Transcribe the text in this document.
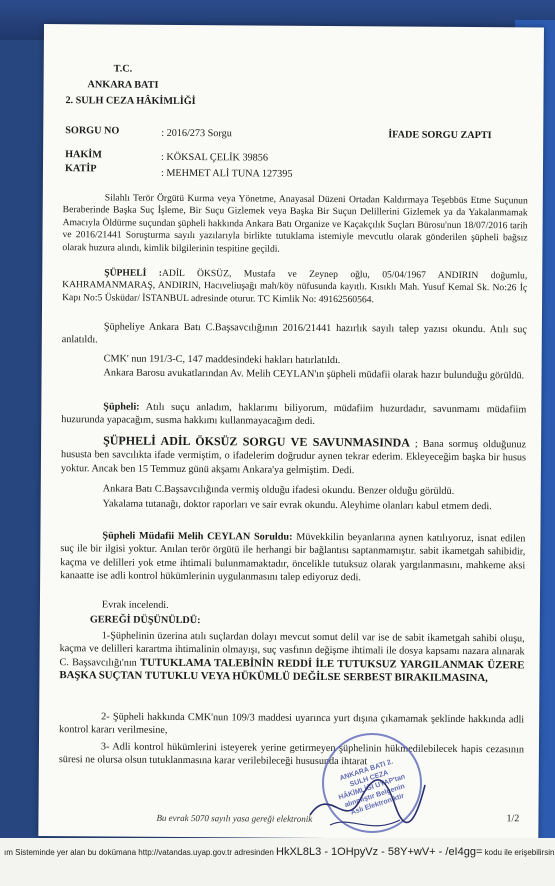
T.C.
ANKARA BATI
2. SULH CEZA HÂKİMLİĞİ
SORGU NO	: 2016/273 Sorgu	İFADE SORGU ZAPTI
HAKİM	: KÖKSAL ÇELİK 39856
KATİP	: MEHMET ALİ TUNA 127395
Silahlı Terör Örgütü Kurma veya Yönetme, Anayasal Düzeni Ortadan Kaldırmaya Teşebbüs Etme Suçunun Beraberinde Başka Suç İşleme, Bir Suçu Gizlemek veya Başka Bir Suçun Delillerini Gizlemek ya da Yakalanmamak Amacıyla Öldürme suçundan şüpheli hakkında Ankara Batı Organize ve Kaçakçılık Suçları Bürosu'nun 18/07/2016 tarih ve 2016/21441 Soruşturma sayılı yazılarıyla birlikte tutuklama istemiyle mevcutlu olarak gönderilen şüpheli bağsız olarak huzura alındı, kimlik bilgilerinin tespitine geçildi.
ŞÜPHELİ :ADİL ÖKSÜZ, Mustafa ve Zeynep oğlu, 05/04/1967 ANDIRIN doğumlu, KAHRAMANMARAŞ, ANDIRIN, Hacıveliuşağı mah/köy nüfusunda kayıtlı. Kısıklı Mah. Yusuf Kemal Sk. No:26 İç Kapı No:5 Üsküdar/ İSTANBUL adresinde oturur. TC Kimlik No: 49162560564.
Şüpheliye Ankara Batı C.Başsavcılığının 2016/21441 hazırlık sayılı talep yazısı okundu. Atılı suç anlatıldı.
CMK' nun 191/3-C, 147 maddesindeki hakları hatırlatıldı.
Ankara Barosu avukatlarından Av. Melih CEYLAN'ın şüpheli müdafii olarak hazır bulunduğu görüldü.
Şüpheli: Atılı suçu anladım, haklarımı biliyorum, müdafiim huzurdadır, savunmamı müdafiim huzurunda yapacağım, susma hakkımı kullanmayacağım dedi.
ŞÜPHELİ ADİL ÖKSÜZ SORGU VE SAVUNMASINDA ; Bana sormuş olduğunuz hususta ben savcılıkta ifade vermiştim, o ifadelerim doğrudur aynen tekrar ederim. Ekleyeceğim başka bir husus yoktur. Ancak ben 15 Temmuz günü akşamı Ankara'ya gelmiştim. Dedi.
Ankara Batı C.Başsavcılığında vermiş olduğu ifadesi okundu. Benzer olduğu görüldü.
Yakalama tutanağı, doktor raporları ve sair evrak okundu. Aleyhime olanları kabul etmem dedi.
Şüpheli Müdafii Melih CEYLAN Soruldu: Müvekkilin beyanlarına aynen katılıyoruz, isnat edilen suç ile bir ilgisi yoktur. Anılan terör örgütü ile herhangi bir bağlantısı saptanmamıştır. sabit ikametgah sahibidir, kaçma ve delilleri yok etme ihtimali bulunmamaktadır, öncelikle tutuksuz olarak yargılanmasını, mahkeme aksi kanaatte ise adli kontrol hükümlerinin uygulanmasını talep ediyoruz dedi.
Evrak incelendi.
GEREĞİ DÜŞÜNÜLDÜ:
1-Şüphelinin üzerina atılı suçlardan dolayı mevcut somut delil var ise de sabit ikametgah sahibi oluşu, kaçma ve delilleri karartma ihtimalinin olmayışı, suç vasfının değişme ihtimali ile dosya kapsamı nazara alınarak C. Başsavcılığı'nın TUTUKLAMA TALEBİNİN REDDİ İLE TUTUKSUZ YARGILANMAK ÜZERE BAŞKA SUÇTAN TUTUKLU VEYA HÜKÜMLÜ DEĞİLSE SERBEST BIRAKILMASINA,
2- Şüpheli hakkında CMK'nun 109/3 maddesi uyarınca yurt dışına çıkamamak şeklinde hakkında adli kontrol kararı verilmesine,
3- Adli kontrol hükümlerini isteyerek yerine getirmeyen şüphelinin hükmedilebilecek hapis cezasının süresi ne olursa olsun tutuklanmasına karar verilebileceği hususunda ihtarat
Bu evrak 5070 sayılı yasa gereği elektronik	1/2
ANKARA BATI 2. SULH CEZA HÂKİMLİĞİ UYAP'tan alınmıştır Belgenin Aslı Elektroniktir
ım Sisteminde yer alan bu dokümana http://vatandas.uyap.gov.tr adresinden HkXL8L3 - 1OHpyVz - 58Y+wV+ - /eI4gg= kodu ile erişebilirsin
